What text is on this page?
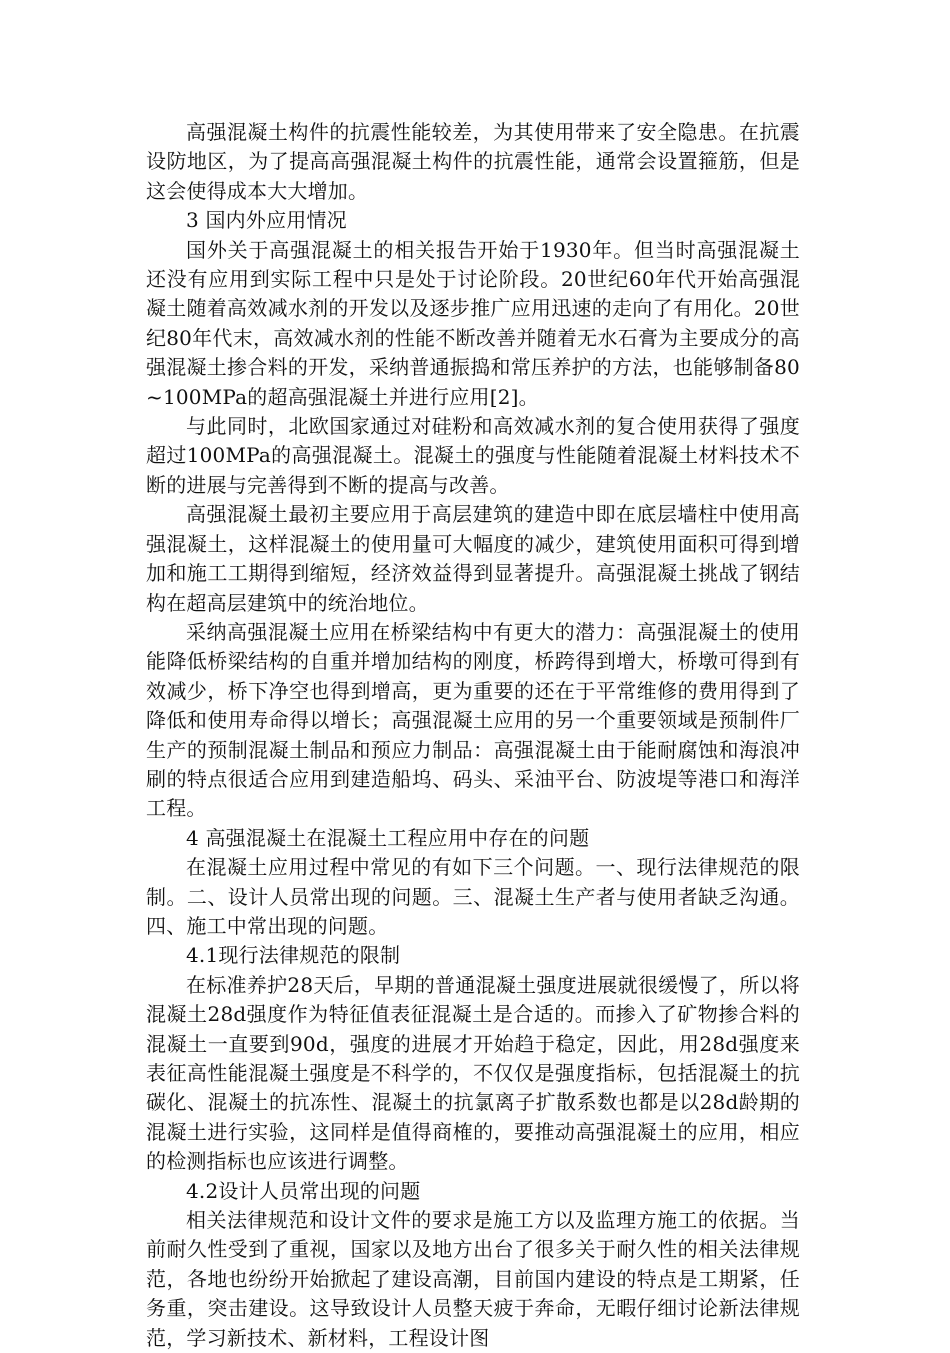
高强混凝土构件的抗震性能较差，为其使用带来了安全隐患。在抗震设防地区，为了提高高强混凝土构件的抗震性能，通常会设置箍筋，但是这会使得成本大大增加。

3 国内外应用情况

国外关于高强混凝土的相关报告开始于1930年。但当时高强混凝土还没有应用到实际工程中只是处于讨论阶段。20世纪60年代开始高强混凝土随着高效减水剂的开发以及逐步推广应用迅速的走向了有用化。20世纪80年代末，高效减水剂的性能不断改善并随着无水石膏为主要成分的高强混凝土掺合料的开发，采纳普通振捣和常压养护的方法，也能够制备80~100MPa的超高强混凝土并进行应用[2]。

与此同时，北欧国家通过对硅粉和高效减水剂的复合使用获得了强度超过100MPa的高强混凝土。混凝土的强度与性能随着混凝土材料技术不断的进展与完善得到不断的提高与改善。

高强混凝土最初主要应用于高层建筑的建造中即在底层墙柱中使用高强混凝土，这样混凝土的使用量可大幅度的减少，建筑使用面积可得到增加和施工工期得到缩短，经济效益得到显著提升。高强混凝土挑战了钢结构在超高层建筑中的统治地位。

采纳高强混凝土应用在桥梁结构中有更大的潜力：高强混凝土的使用能降低桥梁结构的自重并增加结构的刚度，桥跨得到增大，桥墩可得到有效减少，桥下净空也得到增高，更为重要的还在于平常维修的费用得到了降低和使用寿命得以增长；高强混凝土应用的另一个重要领域是预制件厂生产的预制混凝土制品和预应力制品：高强混凝土由于能耐腐蚀和海浪冲刷的特点很适合应用到建造船坞、码头、采油平台、防波堤等港口和海洋工程。

4 高强混凝土在混凝土工程应用中存在的问题

在混凝土应用过程中常见的有如下三个问题。一、现行法律规范的限制。二、设计人员常出现的问题。三、混凝土生产者与使用者缺乏沟通。四、施工中常出现的问题。

4.1现行法律规范的限制

在标准养护28天后，早期的普通混凝土强度进展就很缓慢了，所以将混凝土28d强度作为特征值表征混凝土是合适的。而掺入了矿物掺合料的混凝土一直要到90d，强度的进展才开始趋于稳定，因此，用28d强度来表征高性能混凝土强度是不科学的，不仅仅是强度指标，包括混凝土的抗碳化、混凝土的抗冻性、混凝土的抗氯离子扩散系数也都是以28d龄期的混凝土进行实验，这同样是值得商榷的，要推动高强混凝土的应用，相应的检测指标也应该进行调整。

4.2设计人员常出现的问题

相关法律规范和设计文件的要求是施工方以及监理方施工的依据。当前耐久性受到了重视，国家以及地方出台了很多关于耐久性的相关法律规范，各地也纷纷开始掀起了建设高潮，目前国内建设的特点是工期紧，任务重，突击建设。这导致设计人员整天疲于奔命，无暇仔细讨论新法律规范，学习新技术、新材料，工程设计图
